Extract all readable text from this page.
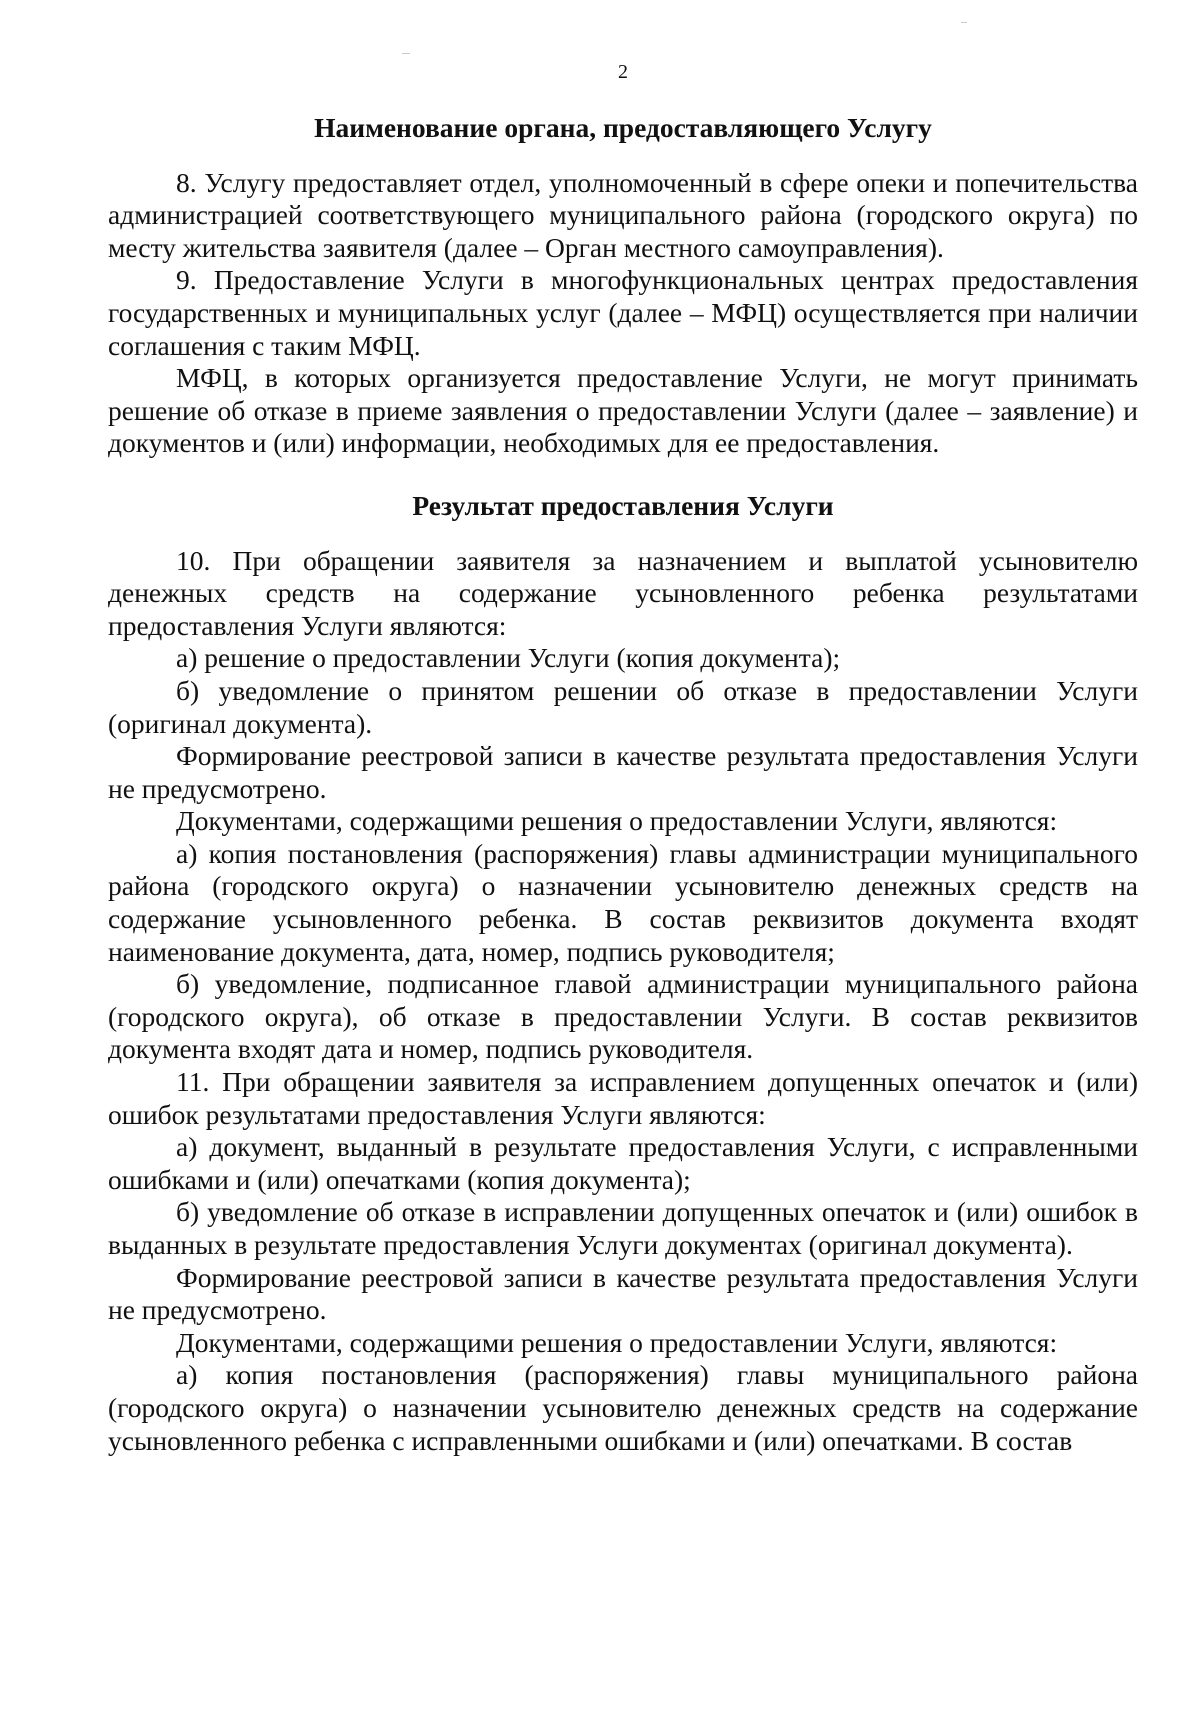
2
Наименование органа, предоставляющего Услугу

8. Услугу предоставляет отдел, уполномоченный в сфере опеки и попечительства администрацией соответствующего муниципального района (городского округа) по месту жительства заявителя (далее – Орган местного самоуправления).

9. Предоставление Услуги в многофункциональных центрах предоставления государственных и муниципальных услуг (далее – МФЦ) осуществляется при наличии соглашения с таким МФЦ.

МФЦ, в которых организуется предоставление Услуги, не могут принимать решение об отказе в приеме заявления о предоставлении Услуги (далее – заявление) и документов и (или) информации, необходимых для ее предоставления.

Результат предоставления Услуги

10. При обращении заявителя за назначением и выплатой усыновителю денежных средств на содержание усыновленного ребенка результатами предоставления Услуги являются:

а) решение о предоставлении Услуги (копия документа);

б) уведомление о принятом решении об отказе в предоставлении Услуги (оригинал документа).

Формирование реестровой записи в качестве результата предоставления Услуги не предусмотрено.

Документами, содержащими решения о предоставлении Услуги, являются:

а) копия постановления (распоряжения) главы администрации муниципального района (городского округа) о назначении усыновителю денежных средств на содержание усыновленного ребенка. В состав реквизитов документа входят наименование документа, дата, номер, подпись руководителя;

б) уведомление, подписанное главой администрации муниципального района (городского округа), об отказе в предоставлении Услуги. В состав реквизитов документа входят дата и номер, подпись руководителя.

11. При обращении заявителя за исправлением допущенных опечаток и (или) ошибок результатами предоставления Услуги являются:

а) документ, выданный в результате предоставления Услуги, с исправленными ошибками и (или) опечатками (копия документа);

б) уведомление об отказе в исправлении допущенных опечаток и (или) ошибок в выданных в результате предоставления Услуги документах (оригинал документа).

Формирование реестровой записи в качестве результата предоставления Услуги не предусмотрено.

Документами, содержащими решения о предоставлении Услуги, являются:

а) копия постановления (распоряжения) главы муниципального района (городского округа) о назначении усыновителю денежных средств на содержание усыновленного ребенка с исправленными ошибками и (или) опечатками. В состав
